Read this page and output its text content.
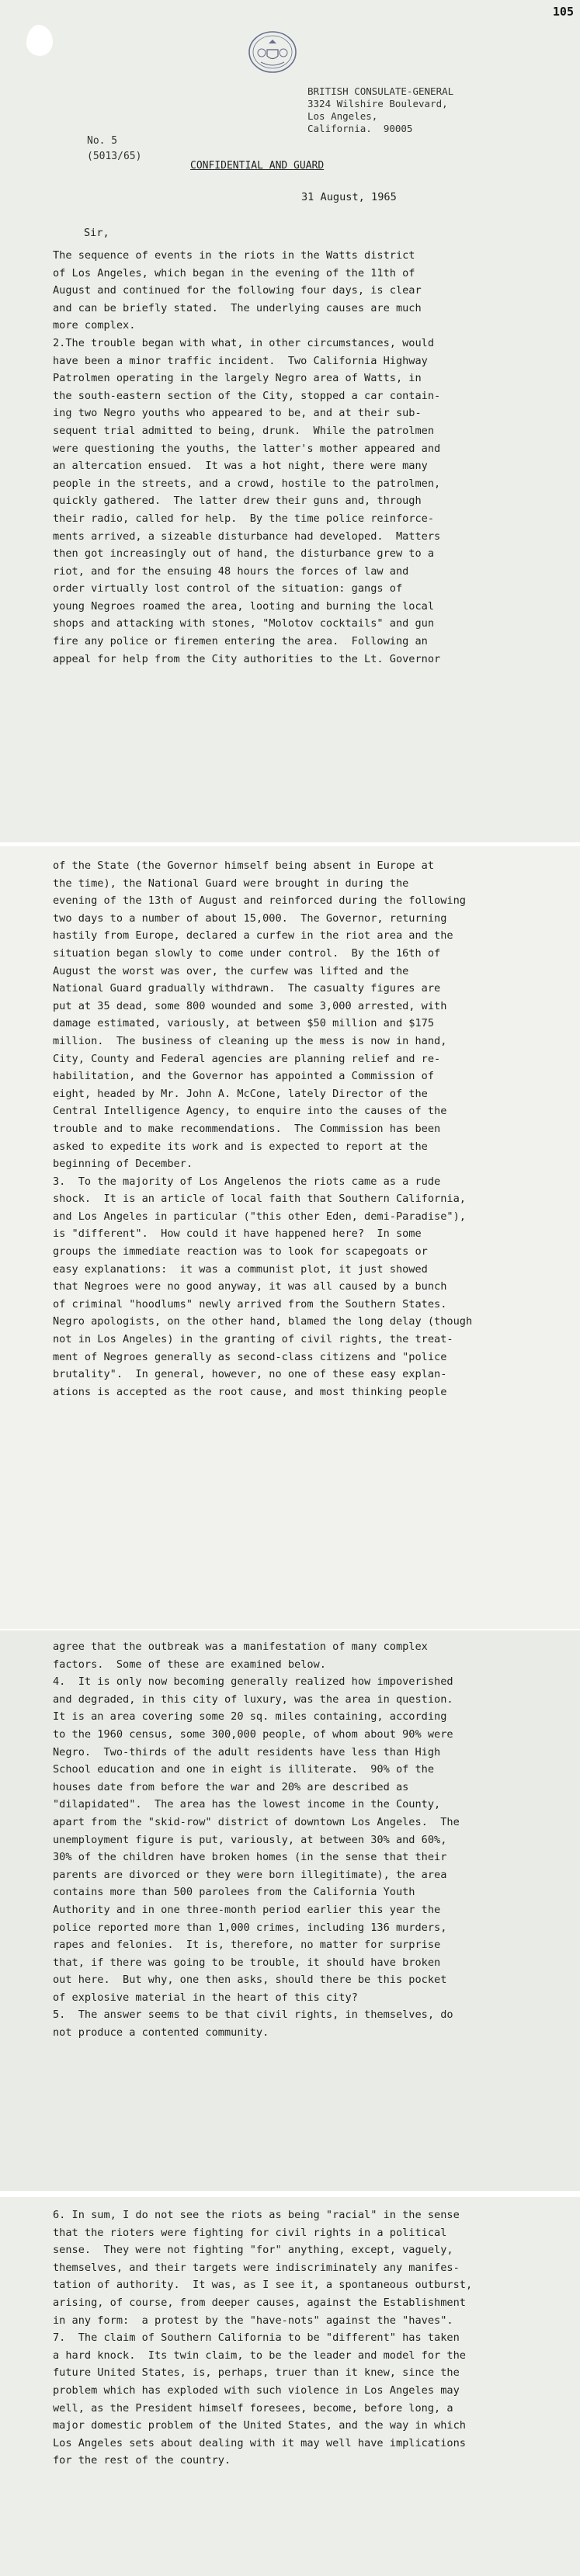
105
BRITISH CONSULATE-GENERAL
3324 Wilshire Boulevard,
Los Angeles,
California.  90005
No. 5
(5013/65)
CONFIDENTIAL AND GUARD
31 August, 1965
Sir,
The sequence of events in the riots in the Watts district
of Los Angeles, which began in the evening of the 11th of
August and continued for the following four days, is clear
and can be briefly stated.  The underlying causes are much
more complex.
2.The trouble began with what, in other circumstances, would
have been a minor traffic incident.  Two California Highway
Patrolmen operating in the largely Negro area of Watts, in
the south-eastern section of the City, stopped a car contain-
ing two Negro youths who appeared to be, and at their sub-
sequent trial admitted to being, drunk.  While the patrolmen
were questioning the youths, the latter's mother appeared and
an altercation ensued.  It was a hot night, there were many
people in the streets, and a crowd, hostile to the patrolmen,
quickly gathered.  The latter drew their guns and, through
their radio, called for help.  By the time police reinforce-
ments arrived, a sizeable disturbance had developed.  Matters
then got increasingly out of hand, the disturbance grew to a
riot, and for the ensuing 48 hours the forces of law and
order virtually lost control of the situation: gangs of
young Negroes roamed the area, looting and burning the local
shops and attacking with stones, "Molotov cocktails" and gun
fire any police or firemen entering the area.  Following an
appeal for help from the City authorities to the Lt. Governor
of the State (the Governor himself being absent in Europe at
the time), the National Guard were brought in during the
evening of the 13th of August and reinforced during the following
two days to a number of about 15,000.  The Governor, returning
hastily from Europe, declared a curfew in the riot area and the
situation began slowly to come under control.  By the 16th of
August the worst was over, the curfew was lifted and the
National Guard gradually withdrawn.  The casualty figures are
put at 35 dead, some 800 wounded and some 3,000 arrested, with
damage estimated, variously, at between $50 million and $175
million.  The business of cleaning up the mess is now in hand,
City, County and Federal agencies are planning relief and re-
habilitation, and the Governor has appointed a Commission of
eight, headed by Mr. John A. McCone, lately Director of the
Central Intelligence Agency, to enquire into the causes of the
trouble and to make recommendations.  The Commission has been
asked to expedite its work and is expected to report at the
beginning of December.
3.  To the majority of Los Angelenos the riots came as a rude
shock.  It is an article of local faith that Southern California,
and Los Angeles in particular ("this other Eden, demi-Paradise"),
is "different".  How could it have happened here?  In some
groups the immediate reaction was to look for scapegoats or
easy explanations:  it was a communist plot, it just showed
that Negroes were no good anyway, it was all caused by a bunch
of criminal "hoodlums" newly arrived from the Southern States.
Negro apologists, on the other hand, blamed the long delay (though
not in Los Angeles) in the granting of civil rights, the treat-
ment of Negroes generally as second-class citizens and "police
brutality".  In general, however, no one of these easy explan-
ations is accepted as the root cause, and most thinking people
agree that the outbreak was a manifestation of many complex
factors.  Some of these are examined below.
4.  It is only now becoming generally realized how impoverished
and degraded, in this city of luxury, was the area in question.
It is an area covering some 20 sq. miles containing, according
to the 1960 census, some 300,000 people, of whom about 90% were
Negro.  Two-thirds of the adult residents have less than High
School education and one in eight is illiterate.  90% of the
houses date from before the war and 20% are described as
"dilapidated".  The area has the lowest income in the County,
apart from the "skid-row" district of downtown Los Angeles.  The
unemployment figure is put, variously, at between 30% and 60%,
30% of the children have broken homes (in the sense that their
parents are divorced or they were born illegitimate), the area
contains more than 500 parolees from the California Youth
Authority and in one three-month period earlier this year the
police reported more than 1,000 crimes, including 136 murders,
rapes and felonies.  It is, therefore, no matter for surprise
that, if there was going to be trouble, it should have broken
out here.  But why, one then asks, should there be this pocket
of explosive material in the heart of this city?
5.  The answer seems to be that civil rights, in themselves, do
not produce a contented community.
6. In sum, I do not see the riots as being "racial" in the sense
that the rioters were fighting for civil rights in a political
sense.  They were not fighting "for" anything, except, vaguely,
themselves, and their targets were indiscriminately any manifes-
tation of authority.  It was, as I see it, a spontaneous outburst,
arising, of course, from deeper causes, against the Establishment
in any form:  a protest by the "have-nots" against the "haves".
7.  The claim of Southern California to be "different" has taken
a hard knock.  Its twin claim, to be the leader and model for the
future United States, is, perhaps, truer than it knew, since the
problem which has exploded with such violence in Los Angeles may
well, as the President himself foresees, become, before long, a
major domestic problem of the United States, and the way in which
Los Angeles sets about dealing with it may well have implications
for the rest of the country.
